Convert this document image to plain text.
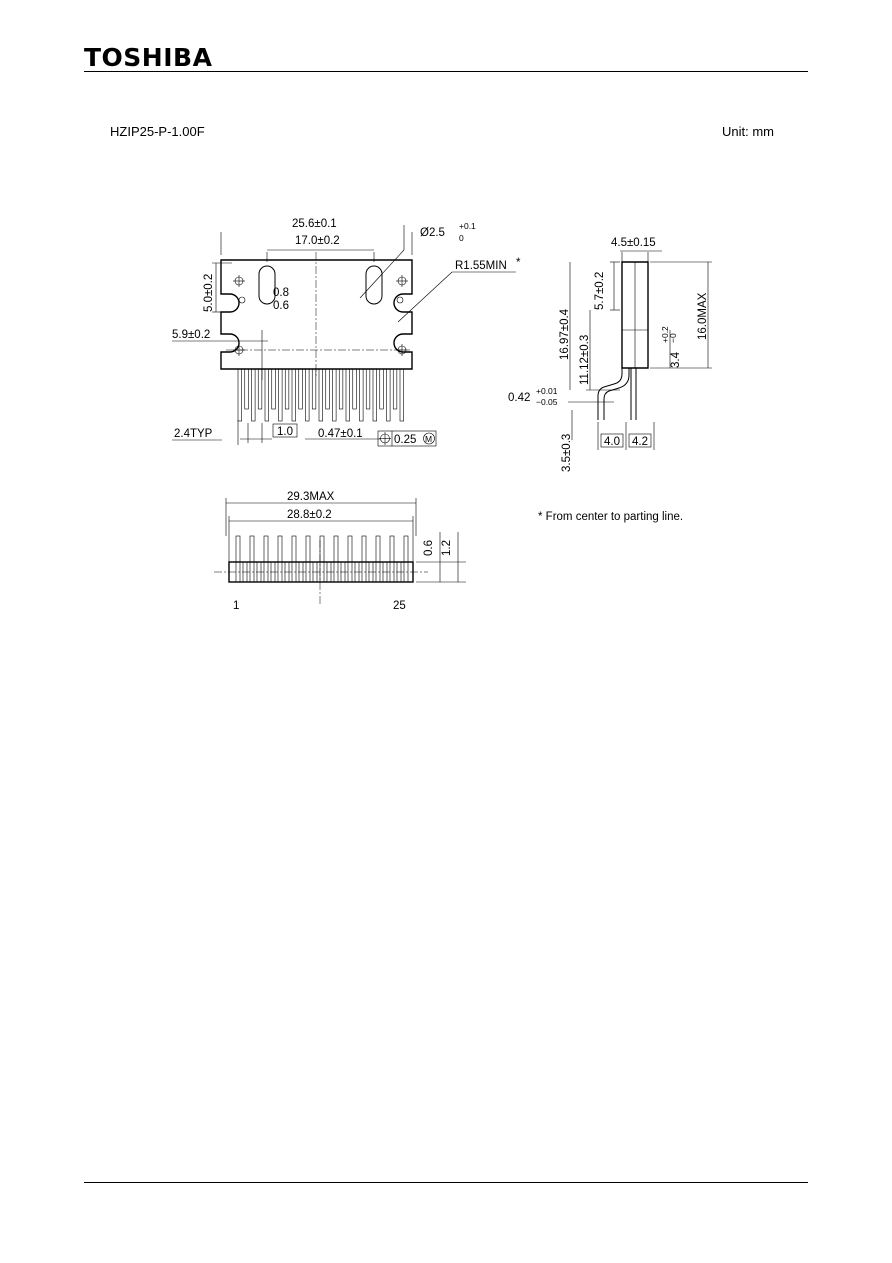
TOSHIBA
HZIP25-P-1.00F	Unit: mm
25.6±0.1
17.0±0.2
Ø2.5
+0.1
0
R1.55MIN *
5.0±0.2	0.8
0.6
5.9±0.2
2.4TYP	1.0 0.47±0.1	0.25 M
4.5±0.15
16.0MAX
3.4
+0.2
−0
5.7±0.2
16.97±0.4 11.12±0.3
0.42
+0.01
−0.05
3.5±0.3	4.0 4.2
29.3MAX
28.8±0.2
0.6 1.2
1	25
* From center to parting line.
